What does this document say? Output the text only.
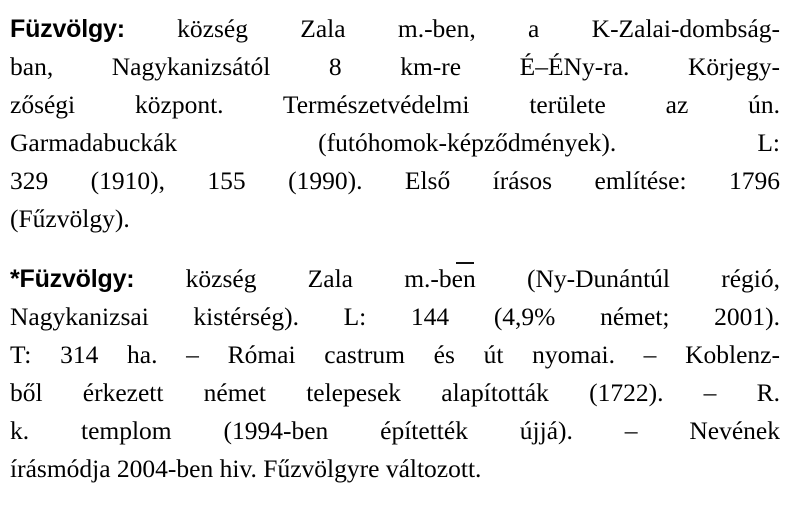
Füzvölgy: község Zala m.-ben, a K-Zalai-dombság-
ban, Nagykanizsától 8 km-re É–ÉNy-ra. Körjegy-
zőségi központ. Természetvédelmi területe az ún.
Garmadabuckák (futóhomok-képződmények). L:
329 (1910), 155 (1990). Első írásos említése: 1796
(Fűzvölgy).

*Füzvölgy: község Zala m.-ben (Ny-Dunántúl régió,
Nagykanizsai kistérség). L: 144 (4,9% német; 2001).
T: 314 ha. – Római castrum és út nyomai. – Koblenz-
ből érkezett német telepesek alapították (1722). – R.
k. templom (1994-ben építették újjá). – Nevének
írásmódja 2004-ben hiv. Fűzvölgyre változott.
